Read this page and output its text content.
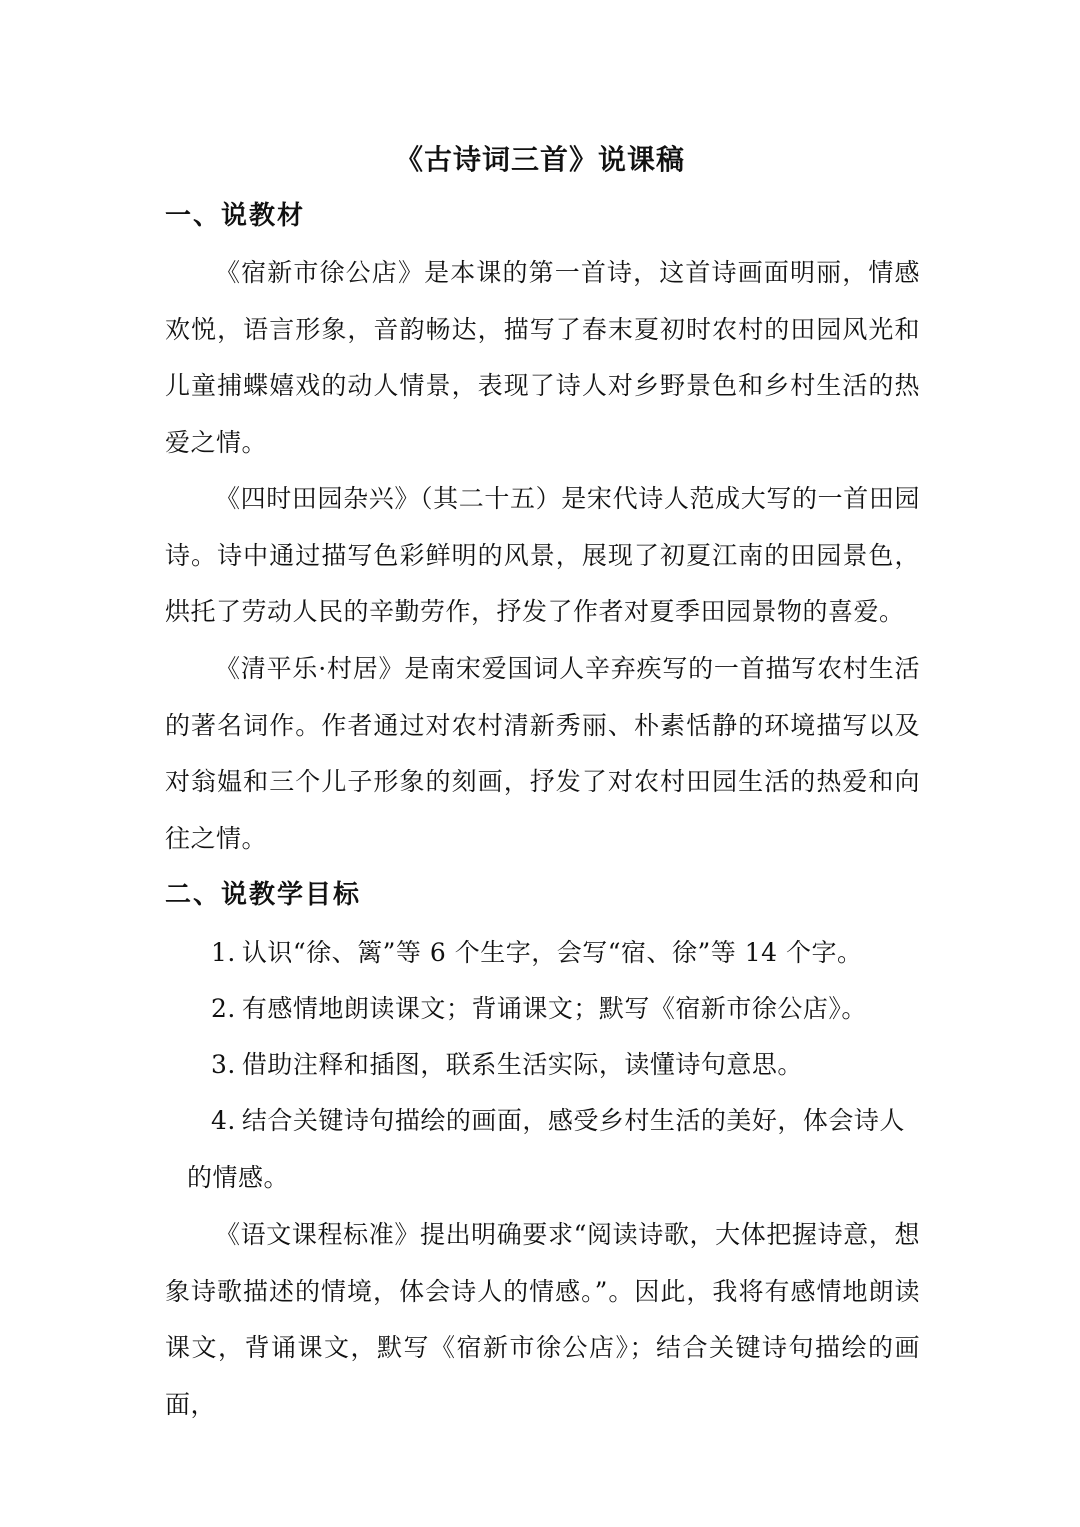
《古诗词三首》说课稿
一、说教材

《宿新市徐公店》是本课的第一首诗，这首诗画面明丽，情感欢悦，语言形象，音韵畅达，描写了春末夏初时农村的田园风光和儿童捕蝶嬉戏的动人情景，表现了诗人对乡野景色和乡村生活的热爱之情。

《四时田园杂兴》（其二十五）是宋代诗人范成大写的一首田园诗。诗中通过描写色彩鲜明的风景，展现了初夏江南的田园景色，烘托了劳动人民的辛勤劳作，抒发了作者对夏季田园景物的喜爱。

《清平乐·村居》是南宋爱国词人辛弃疾写的一首描写农村生活的著名词作。作者通过对农村清新秀丽、朴素恬静的环境描写以及对翁媪和三个儿子形象的刻画，抒发了对农村田园生活的热爱和向往之情。

二、说教学目标

1. 认识“徐、篱”等 6 个生字，会写“宿、徐”等 14 个字。

2. 有感情地朗读课文；背诵课文；默写《宿新市徐公店》。

3. 借助注释和插图，联系生活实际，读懂诗句意思。

4. 结合关键诗句描绘的画面，感受乡村生活的美好，体会诗人的情感。

《语文课程标准》提出明确要求“阅读诗歌，大体把握诗意，想象诗歌描述的情境，体会诗人的情感。”。因此，我将有感情地朗读课文，背诵课文，默写《宿新市徐公店》；结合关键诗句描绘的画面，
